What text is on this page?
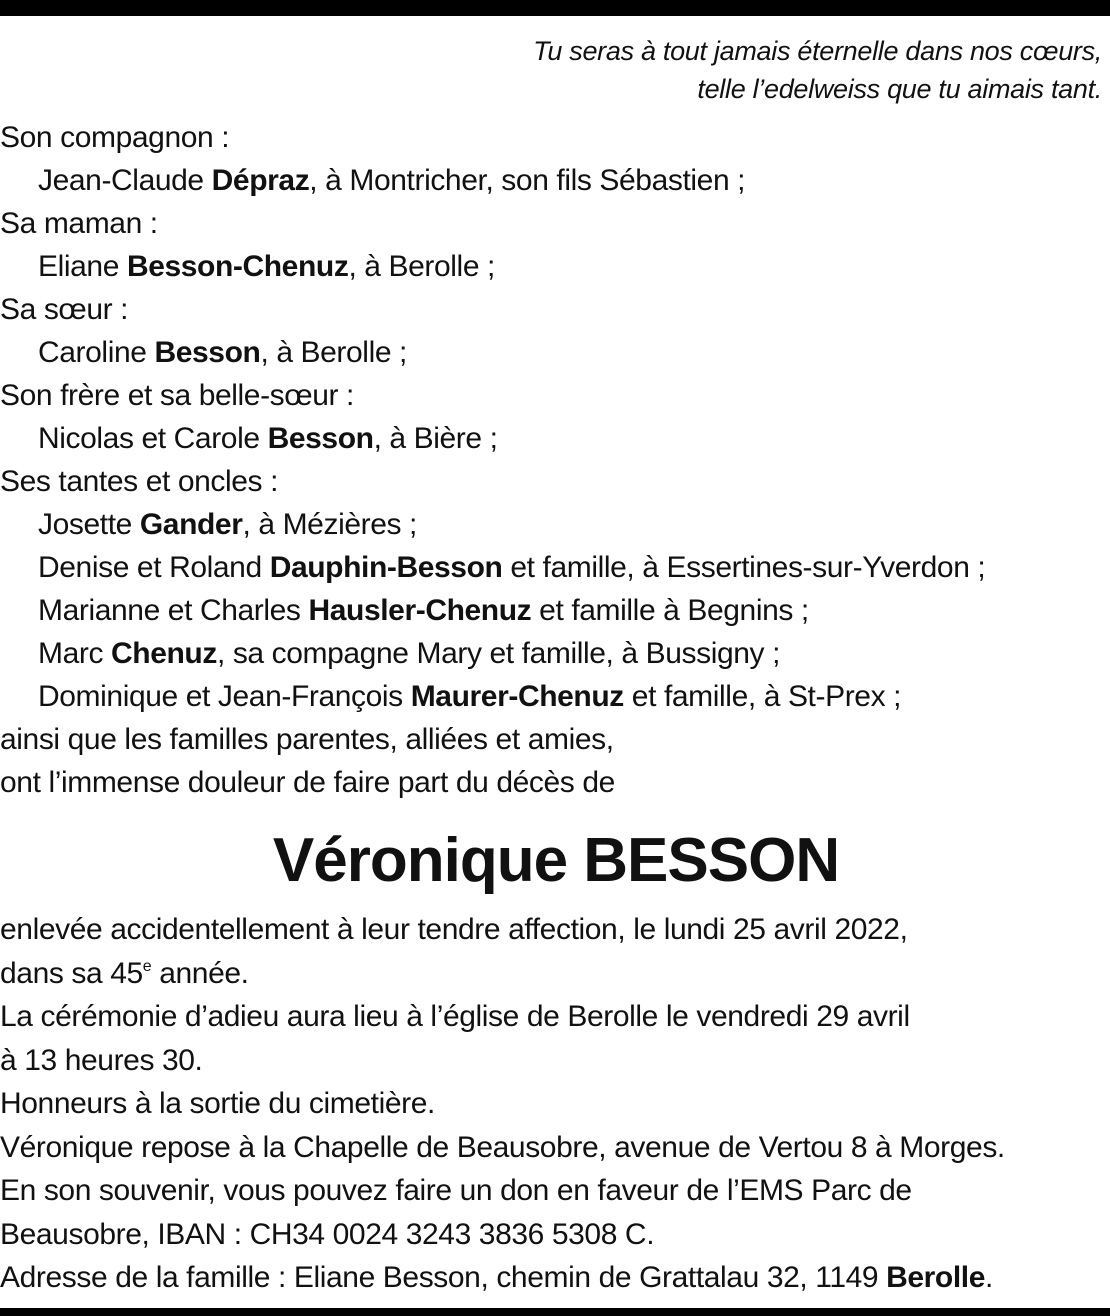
Tu seras à tout jamais éternelle dans nos cœurs,
telle l’edelweiss que tu aimais tant.
Son compagnon :
Jean-Claude Dépraz, à Montricher, son fils Sébastien ;
Sa maman :
Eliane Besson-Chenuz, à Berolle ;
Sa sœur :
Caroline Besson, à Berolle ;
Son frère et sa belle-sœur :
Nicolas et Carole Besson, à Bière ;
Ses tantes et oncles :
Josette Gander, à Mézières ;
Denise et Roland Dauphin-Besson et famille, à Essertines-sur-Yverdon ;
Marianne et Charles Hausler-Chenuz et famille à Begnins ;
Marc Chenuz, sa compagne Mary et famille, à Bussigny ;
Dominique et Jean-François Maurer-Chenuz et famille, à St-Prex ;
ainsi que les familles parentes, alliées et amies,
ont l’immense douleur de faire part du décès de
Véronique BESSON
enlevée accidentellement à leur tendre affection, le lundi 25 avril 2022,
dans sa 45e année.
La cérémonie d’adieu aura lieu à l’église de Berolle le vendredi 29 avril
à 13 heures 30.
Honneurs à la sortie du cimetière.
Véronique repose à la Chapelle de Beausobre, avenue de Vertou 8 à Morges.
En son souvenir, vous pouvez faire un don en faveur de l’EMS Parc de
Beausobre, IBAN : CH34 0024 3243 3836 5308 C.
Adresse de la famille : Eliane Besson, chemin de Grattalau 32, 1149 Berolle.
